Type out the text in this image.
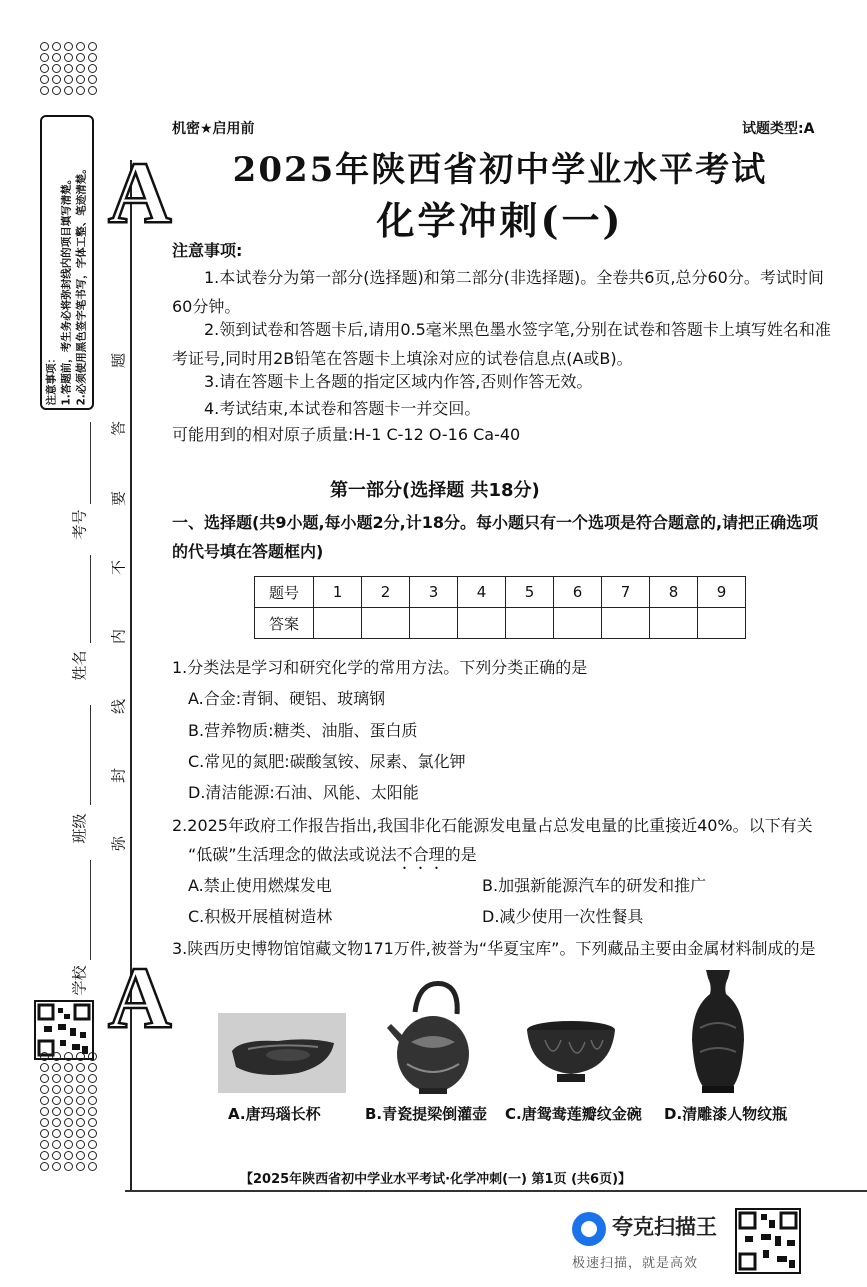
注意事项： 1.答题前，考生务必将弥封线内的项目填写清楚。 2.必须使用黑色签字笔书写，字体工整、笔迹清楚。 A
A
题
答
要
不
内
线
封
弥
考号
姓名
班级
学校
机密★启用前	试题类型:A
2025年陕西省初中学业水平考试
化学冲刺(一)
注意事项:
1.本试卷分为第一部分(选择题)和第二部分(非选择题)。全卷共6页,总分60分。考试时间60分钟。
2.领到试卷和答题卡后,请用0.5毫米黑色墨水签字笔,分别在试卷和答题卡上填写姓名和准考证号,同时用2B铅笔在答题卡上填涂对应的试卷信息点(A或B)。
3.请在答题卡上各题的指定区域内作答,否则作答无效。
4.考试结束,本试卷和答题卡一并交回。
可能用到的相对原子质量:H-1 C-12 O-16 Ca-40
第一部分(选择题 共18分)
一、选择题(共9小题,每小题2分,计18分。每小题只有一个选项是符合题意的,请把正确选项的代号填在答题框内)
题号	1	2	3	4	5	6	7	8	9
答案									
1.分类法是学习和研究化学的常用方法。下列分类正确的是
A.合金:青铜、硬铝、玻璃钢
B.营养物质:糖类、油脂、蛋白质
C.常见的氮肥:碳酸氢铵、尿素、氯化钾
D.清洁能源:石油、风能、太阳能
2.2025年政府工作报告指出,我国非化石能源发电量占总发电量的比重接近40%。以下有关
“低碳”生活理念的做法或说法不合理的是
A.禁止使用燃煤发电	B.加强新能源汽车的研发和推广
C.积极开展植树造林	D.减少使用一次性餐具
3.陕西历史博物馆馆藏文物171万件,被誉为“华夏宝库”。下列藏品主要由金属材料制成的是
A.唐玛瑙长杯	B.青瓷提梁倒灌壶 C.唐鸳鸯莲瓣纹金碗 D.清雕漆人物纹瓶
【2025年陕西省初中学业水平考试·化学冲刺(一) 第1页 (共6页)】
夸克扫描王
极速扫描，就是高效
